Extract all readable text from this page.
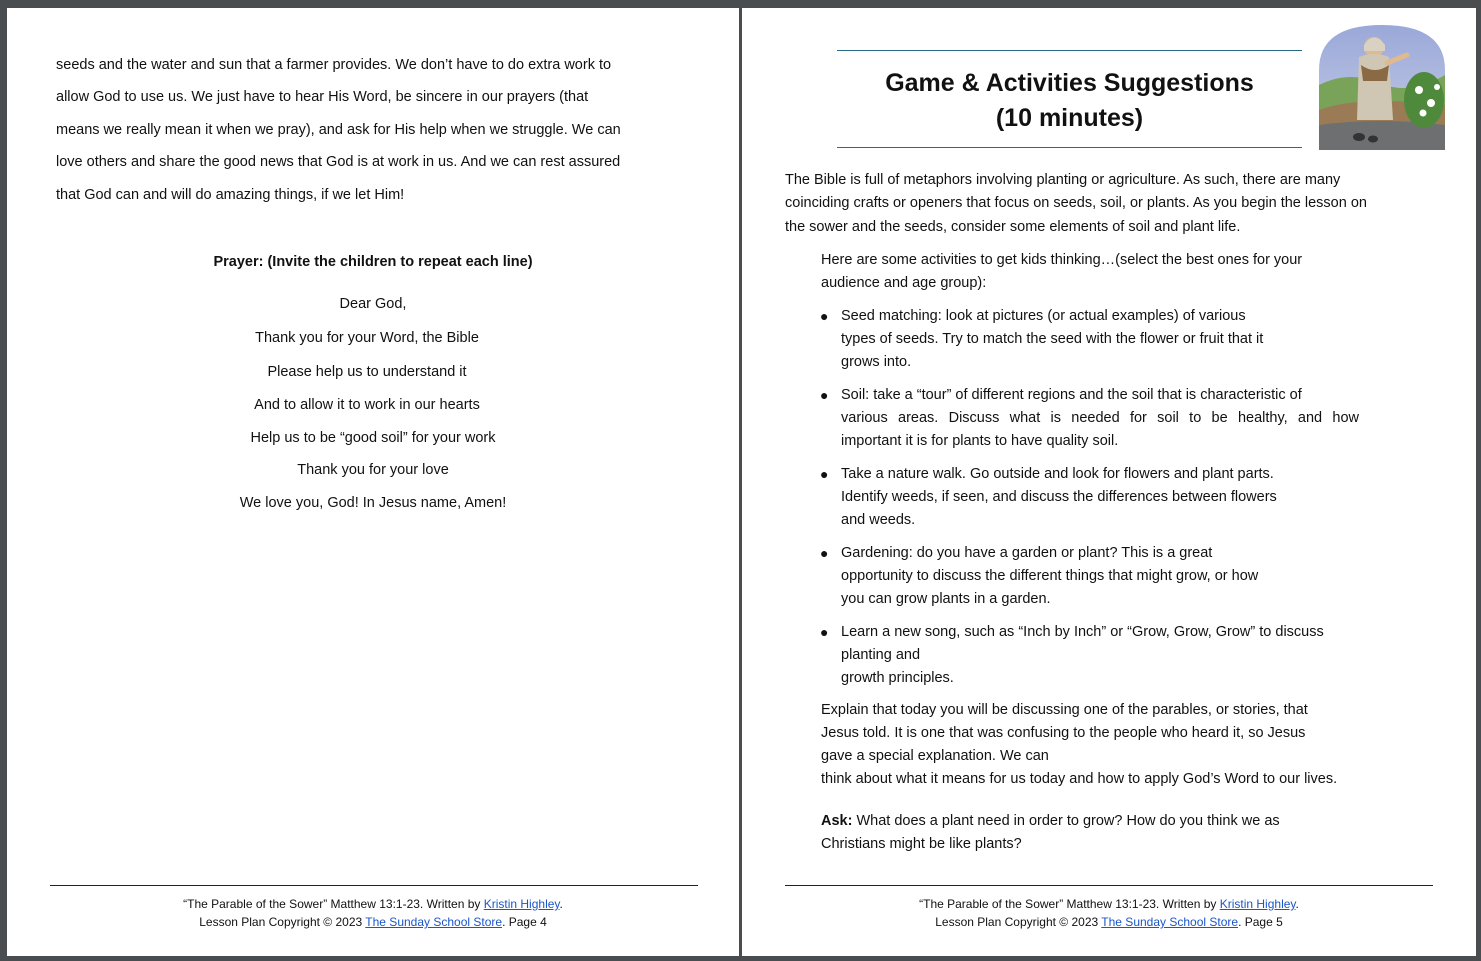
seeds and the water and sun that a farmer provides. We don’t have to do extra work to
allow God to use us. We just have to hear His Word, be sincere in our prayers (that
means we really mean it when we pray), and ask for His help when we struggle. We can
love others and share the good news that God is at work in us. And we can rest assured
that God can and will do amazing things, if we let Him!
Prayer: (Invite the children to repeat each line)
Dear God,
Thank you for your Word, the Bible
Please help us to understand it
And to allow it to work in our hearts
Help us to be “good soil” for your work
Thank you for your love
We love you, God! In Jesus name, Amen!
“The Parable of the Sower” Matthew 13:1-23. Written by Kristin Highley.
Lesson Plan Copyright © 2023 The Sunday School Store. Page 4
Game & Activities Suggestions
(10 minutes)
The Bible is full of metaphors involving planting or agriculture. As such, there are many
coinciding crafts or openers that focus on seeds, soil, or plants. As you begin the lesson on
the sower and the seeds, consider some elements of soil and plant life.
Here are some activities to get kids thinking…(select the best ones for your
audience and age group):
● Seed matching: look at pictures (or actual examples) of various
types of seeds. Try to match the seed with the flower or fruit that it
grows into.
● Soil: take a “tour” of different regions and the soil that is characteristic of
various areas. Discuss what is needed for soil to be healthy, and how
important it is for plants to have quality soil.
● Take a nature walk. Go outside and look for flowers and plant parts.
Identify weeds, if seen, and discuss the differences between flowers
and weeds.
● Gardening: do you have a garden or plant? This is a great
opportunity to discuss the different things that might grow, or how
you can grow plants in a garden.
● Learn a new song, such as “Inch by Inch” or “Grow, Grow, Grow” to discuss
planting and
growth principles.
Explain that today you will be discussing one of the parables, or stories, that
Jesus told. It is one that was confusing to the people who heard it, so Jesus
gave a special explanation. We can
think about what it means for us today and how to apply God’s Word to our lives.
Ask: What does a plant need in order to grow? How do you think we as
Christians might be like plants?
“The Parable of the Sower” Matthew 13:1-23. Written by Kristin Highley.
Lesson Plan Copyright © 2023 The Sunday School Store. Page 5
